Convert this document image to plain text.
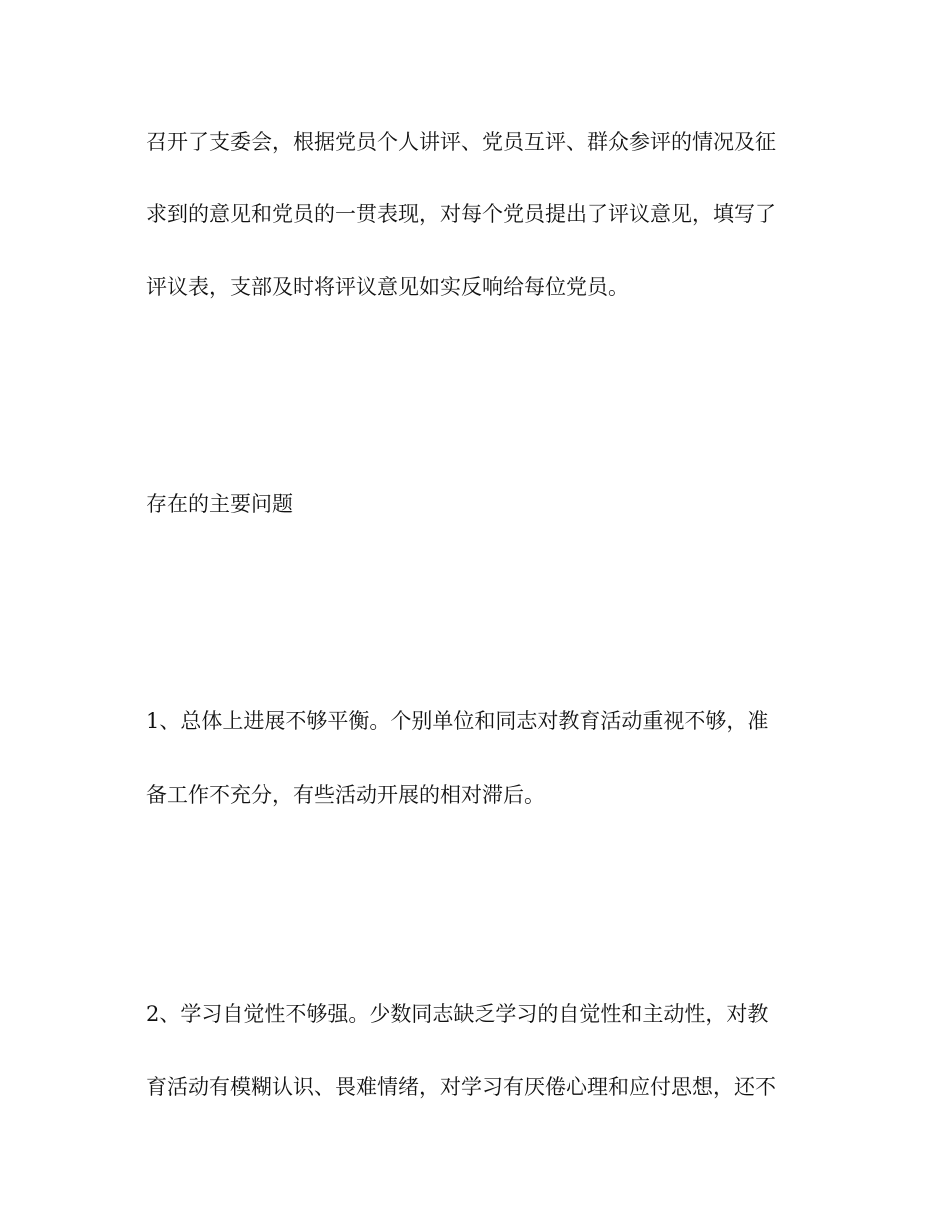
召开了支委会，根据党员个人讲评、党员互评、群众参评的情况及征
求到的意见和党员的一贯表现，对每个党员提出了评议意见，填写了
评议表，支部及时将评议意见如实反响给每位党员。
存在的主要问题
1、总体上进展不够平衡。个别单位和同志对教育活动重视不够，准
备工作不充分，有些活动开展的相对滞后。
2、学习自觉性不够强。少数同志缺乏学习的自觉性和主动性，对教
育活动有模糊认识、畏难情绪，对学习有厌倦心理和应付思想，还不
